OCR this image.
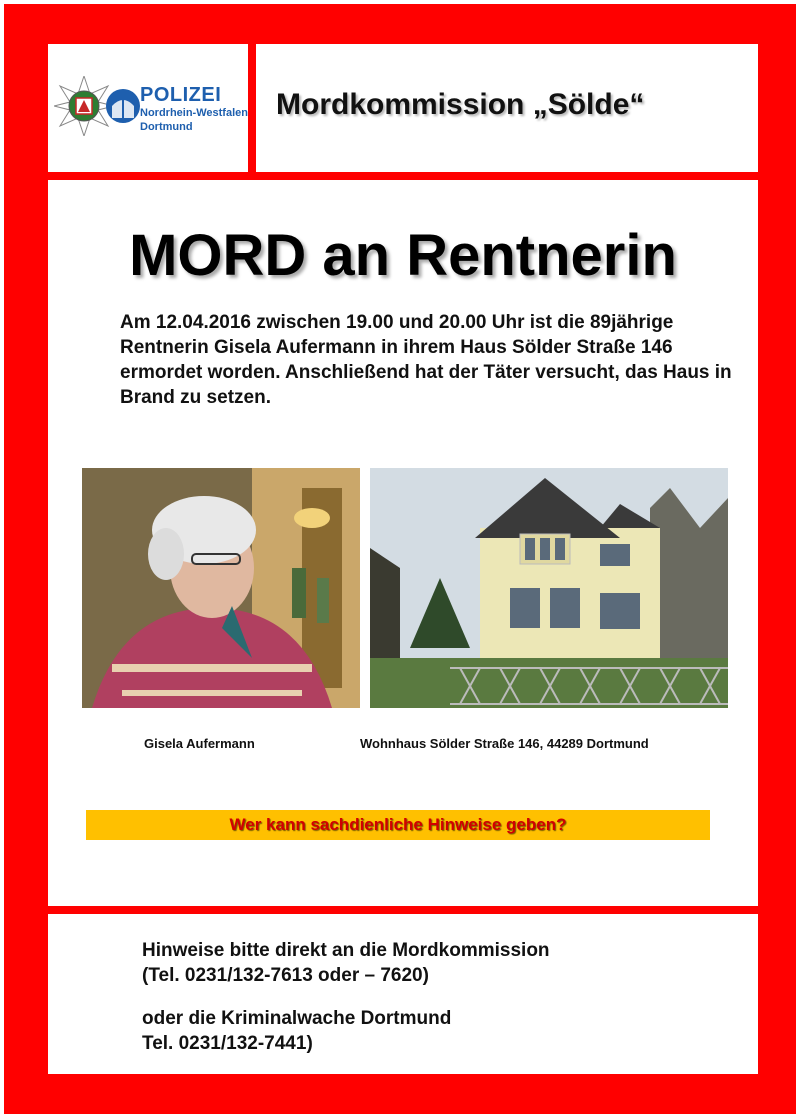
POLIZEI
Nordrhein-Westfalen
Dortmund
Mordkommission „Sölde“
MORD an Rentnerin
Am 12.04.2016 zwischen 19.00 und 20.00 Uhr ist die 89jährige Rentnerin Gisela Aufermann in ihrem Haus Sölder Straße 146 ermordet worden. Anschließend hat der Täter versucht, das Haus in Brand zu setzen.
Gisela Aufermann	Wohnhaus Sölder Straße 146, 44289 Dortmund
Wer kann sachdienliche Hinweise geben?
Hinweise bitte direkt an die Mordkommission
(Tel. 0231/132-7613 oder – 7620)
oder die Kriminalwache Dortmund
Tel. 0231/132-7441)
